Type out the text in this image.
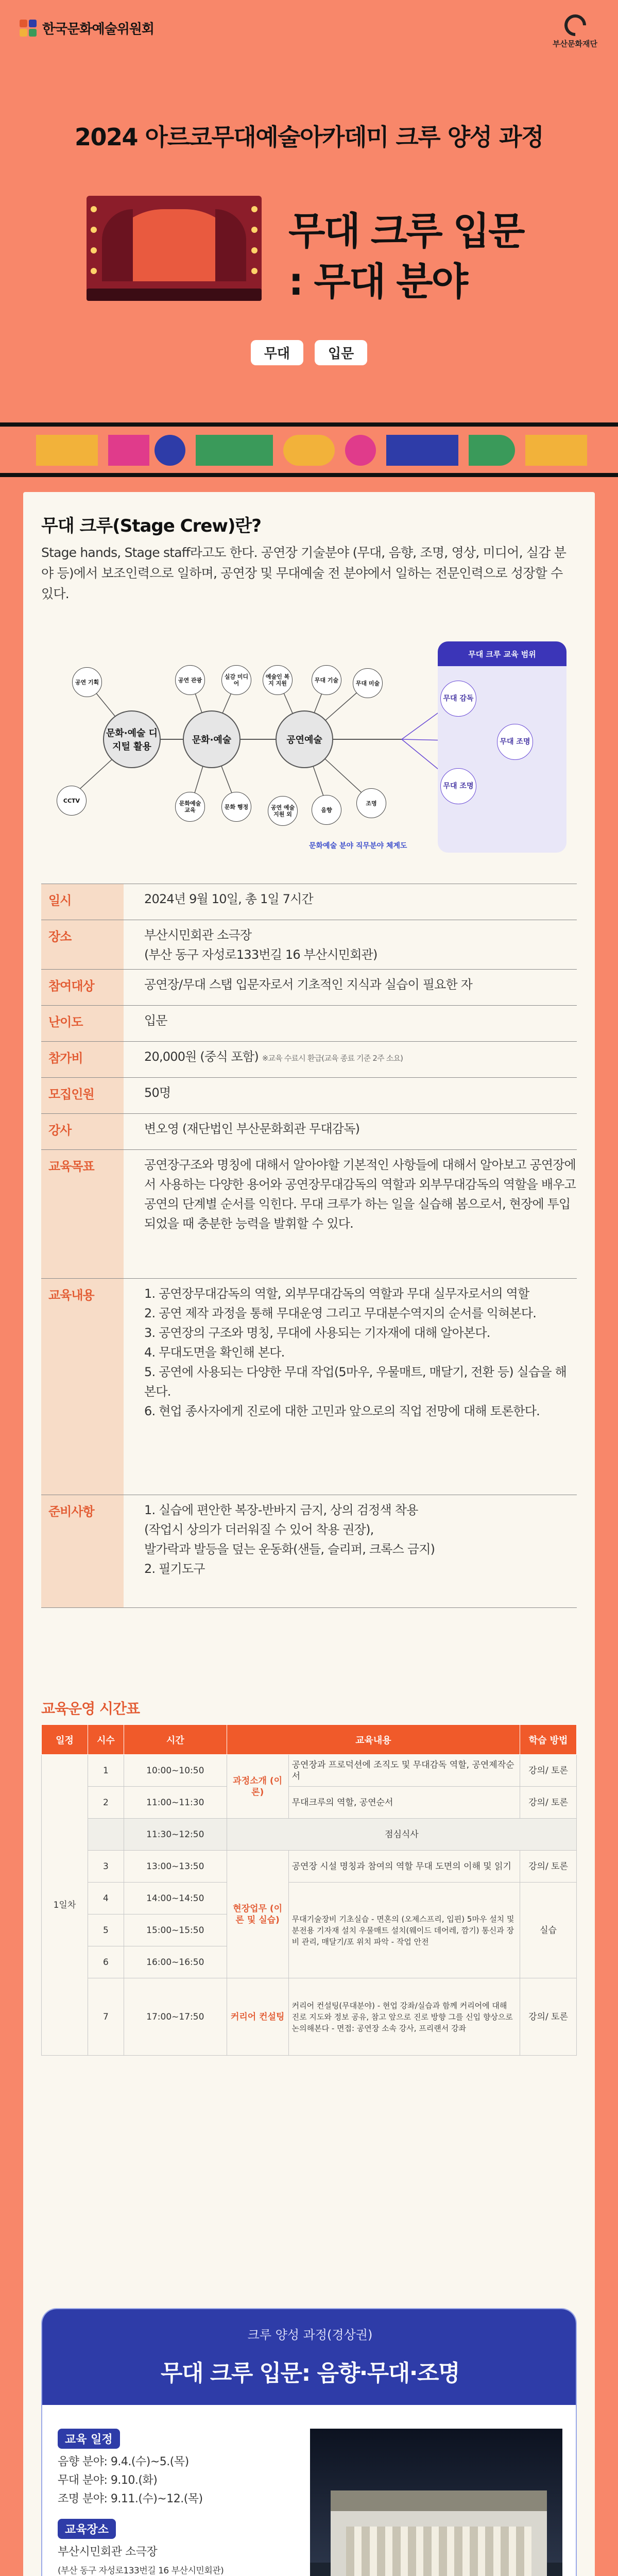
한국문화예술위원회
부산문화재단
2024 아르코무대예술아카데미 크루 양성 과정
무대 크루 입문
: 무대 분야
무대	입문
무대 크루(Stage Crew)란?
Stage hands, Stage staff라고도 한다. 공연장 기술분야 (무대, 음향, 조명, 영상, 미디어, 실감 분야 등)에서 보조인력으로 일하며, 공연장 및 무대예술 전 분야에서 일하는 전문인력으로 성장할 수 있다.
무대 크루 교육 범위
공연 기획	공연 관광	실감 미디어
예술인 복지 지원	무대 기술	무대 미술
CCTV	문화예술 교육	문화 행정	음향
조명
공연 예술지원 외
문화·예술 디지털 활용
문화·예술	공연예술
무대 감독
무대 조명
무대 조명
문화예술 분야 직무분야 체계도
일시	2024년 9월 10일, 총 1일 7시간
장소	부산시민회관 소극장
(부산 동구 자성로133번길 16 부산시민회관)
참여대상	공연장/무대 스탭 입문자로서 기초적인 지식과 실습이 필요한 자
난이도	입문
참가비	20,000원 (중식 포함) ※교육 수료시 환급(교육 종료 기준 2주 소요)
모집인원	50명
강사	변오영 (재단법인 부산문화회관 무대감독)
교육목표	공연장구조와 명칭에 대해서 알아야할 기본적인 사항들에 대해서 알아보고 공연장에서 사용하는 다양한 용어와 공연장무대감독의 역할과 외부무대감독의 역할을 배우고 공연의 단계별 순서를 익힌다. 무대 크루가 하는 일을 실습해 봄으로서, 현장에 투입되었을 때 충분한 능력을 발휘할 수 있다.
교육내용	1. 공연장무대감독의 역할, 외부무대감독의 역할과 무대 실무자로서의 역할
2. 공연 제작 과정을 통해 무대운영 그리고 무대분수역지의 순서를 익혀본다.
3. 공연장의 구조와 명칭, 무대에 사용되는 기자재에 대해 알아본다.
4. 무대도면을 확인해 본다.
5. 공연에 사용되는 다양한 무대 작업(5마우, 우물매트, 매달기, 전환 등) 실습을 해본다.
6. 현업 종사자에게 진로에 대한 고민과 앞으로의 직업 전망에 대해 토론한다.
준비사항	1. 실습에 편안한 복장-반바지 금지, 상의 검정색 착용
(작업시 상의가 더러워질 수 있어 착용 권장),
발가락과 발등을 덮는 운동화(샌들, 슬리퍼, 크록스 금지)
2. 필기도구
교육운영 시간표
일정	시수	시간	교육내용		학습 방법
1일차	1	10:00~10:50	과정소개 (이론)	공연장과 프로덕션에 조직도 및 무대감독 역할, 공연제작순서	강의/ 토론
	2	11:00~11:30		무대크루의 역할, 공연순서	강의/ 토론
		11:30~12:50	점심식사		
	3	13:00~13:50	현장업무 (이론 및 실습)	공연장 시설 명칭과 참여의 역할 무대 도면의 이해 및 읽기	강의/ 토론
	4	14:00~14:50		무대기술장비 기초실습 - 면혼의 (오제스프리, 입핀) 5마우 설치 및 분전용 기자재 설치 우물매트 설치(웨이드 데어레, 깜기) 통신과 장비 관리, 매달기/포 위치 파악 - 작업 안전	실습
	5	15:00~15:50			
	6	16:00~16:50			
	7	17:00~17:50	커리어 컨설팅	커리어 컨설팅(무대분야) - 현업 강좌/실습과 함께 커리어에 대해 진로 지도와 정보 공유, 참고 앞으로 진로 방향 그를 신입 향상으로 논의해본다 - 면접: 공연장 소속 강사, 프리랜서 강좌	강의/ 토론
크루 양성 과정(경상권)
무대 크루 입문: 음향·무대·조명
교육 일정
음향 분야: 9.4.(수)~5.(목)
무대 분야: 9.10.(화)
조명 분야: 9.11.(수)~12.(목)
교육장소
부산시민회관 소극장
(부산 동구 자성로133번길 16 부산시민회관)
